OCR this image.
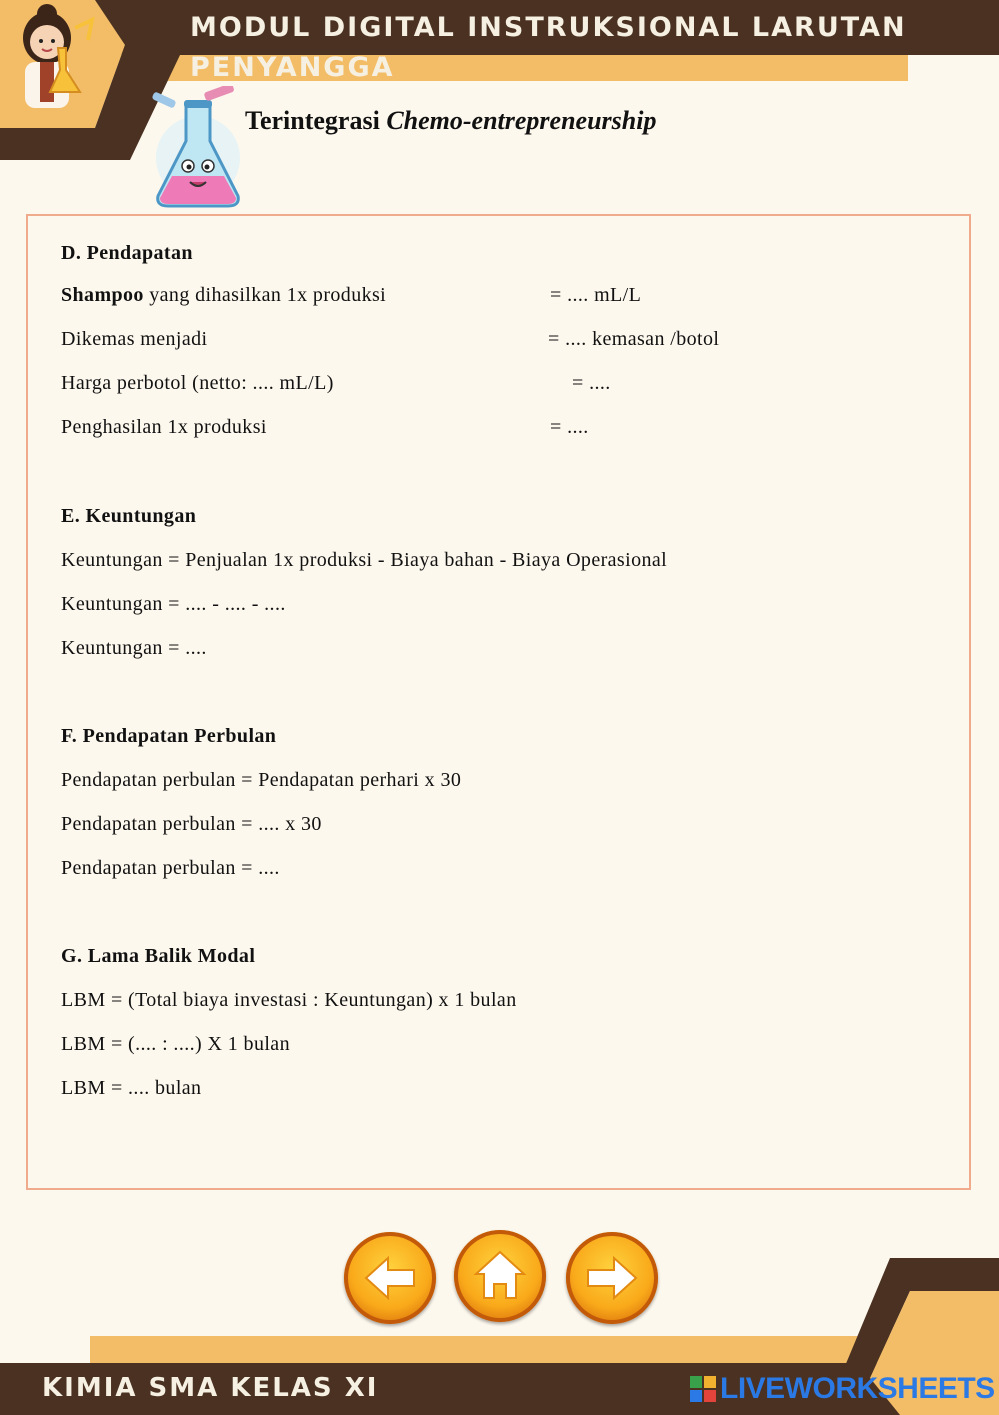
MODUL DIGITAL INSTRUKSIONAL LARUTAN PENYANGGA
Terintegrasi Chemo-entrepreneurship
D. Pendapatan
Shampoo yang dihasilkan 1x produksi	= .... mL/L
Dikemas menjadi	= .... kemasan /botol
Harga perbotol (netto: .... mL/L)	= ....
Penghasilan 1x produksi	= ....
E. Keuntungan
Keuntungan = Penjualan 1x produksi - Biaya bahan - Biaya Operasional
Keuntungan = .... - .... - ....
Keuntungan = ....
F. Pendapatan Perbulan
Pendapatan perbulan = Pendapatan perhari x 30
Pendapatan perbulan = .... x 30
Pendapatan perbulan = ....
G. Lama Balik Modal
LBM = (Total biaya investasi : Keuntungan) x 1 bulan
LBM = (.... : ....) X 1 bulan
LBM = .... bulan
KIMIA SMA KELAS XI	LIVEWORKSHEETS
